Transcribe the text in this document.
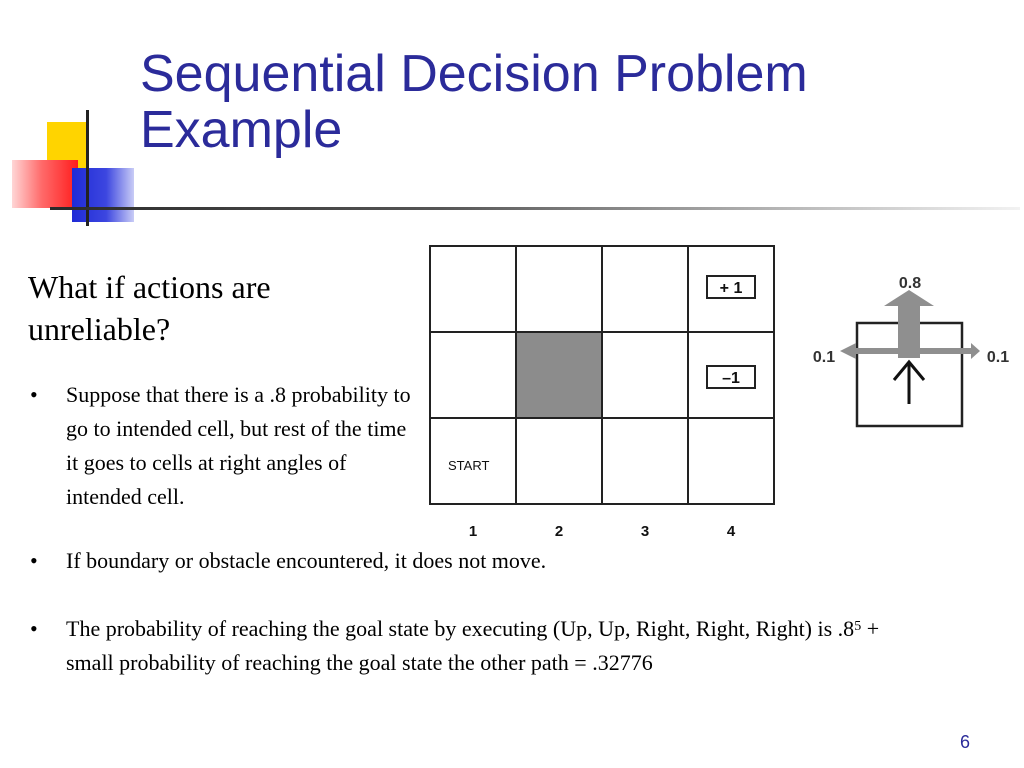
Sequential Decision Problem
Example
What if actions are unreliable?
• Suppose that there is a .8 probability to go to intended cell, but rest of the time it goes to cells at right angles of intended cell.
• If boundary or obstacle encountered, it does not move.
• The probability of reaching the goal state by executing (Up, Up, Right, Right, Right) is $.8^5$ + small probability of reaching the goal state the other path = .32776
+ 1
–1
START
1	2	3	4
0.8
0.1	0.1
6
